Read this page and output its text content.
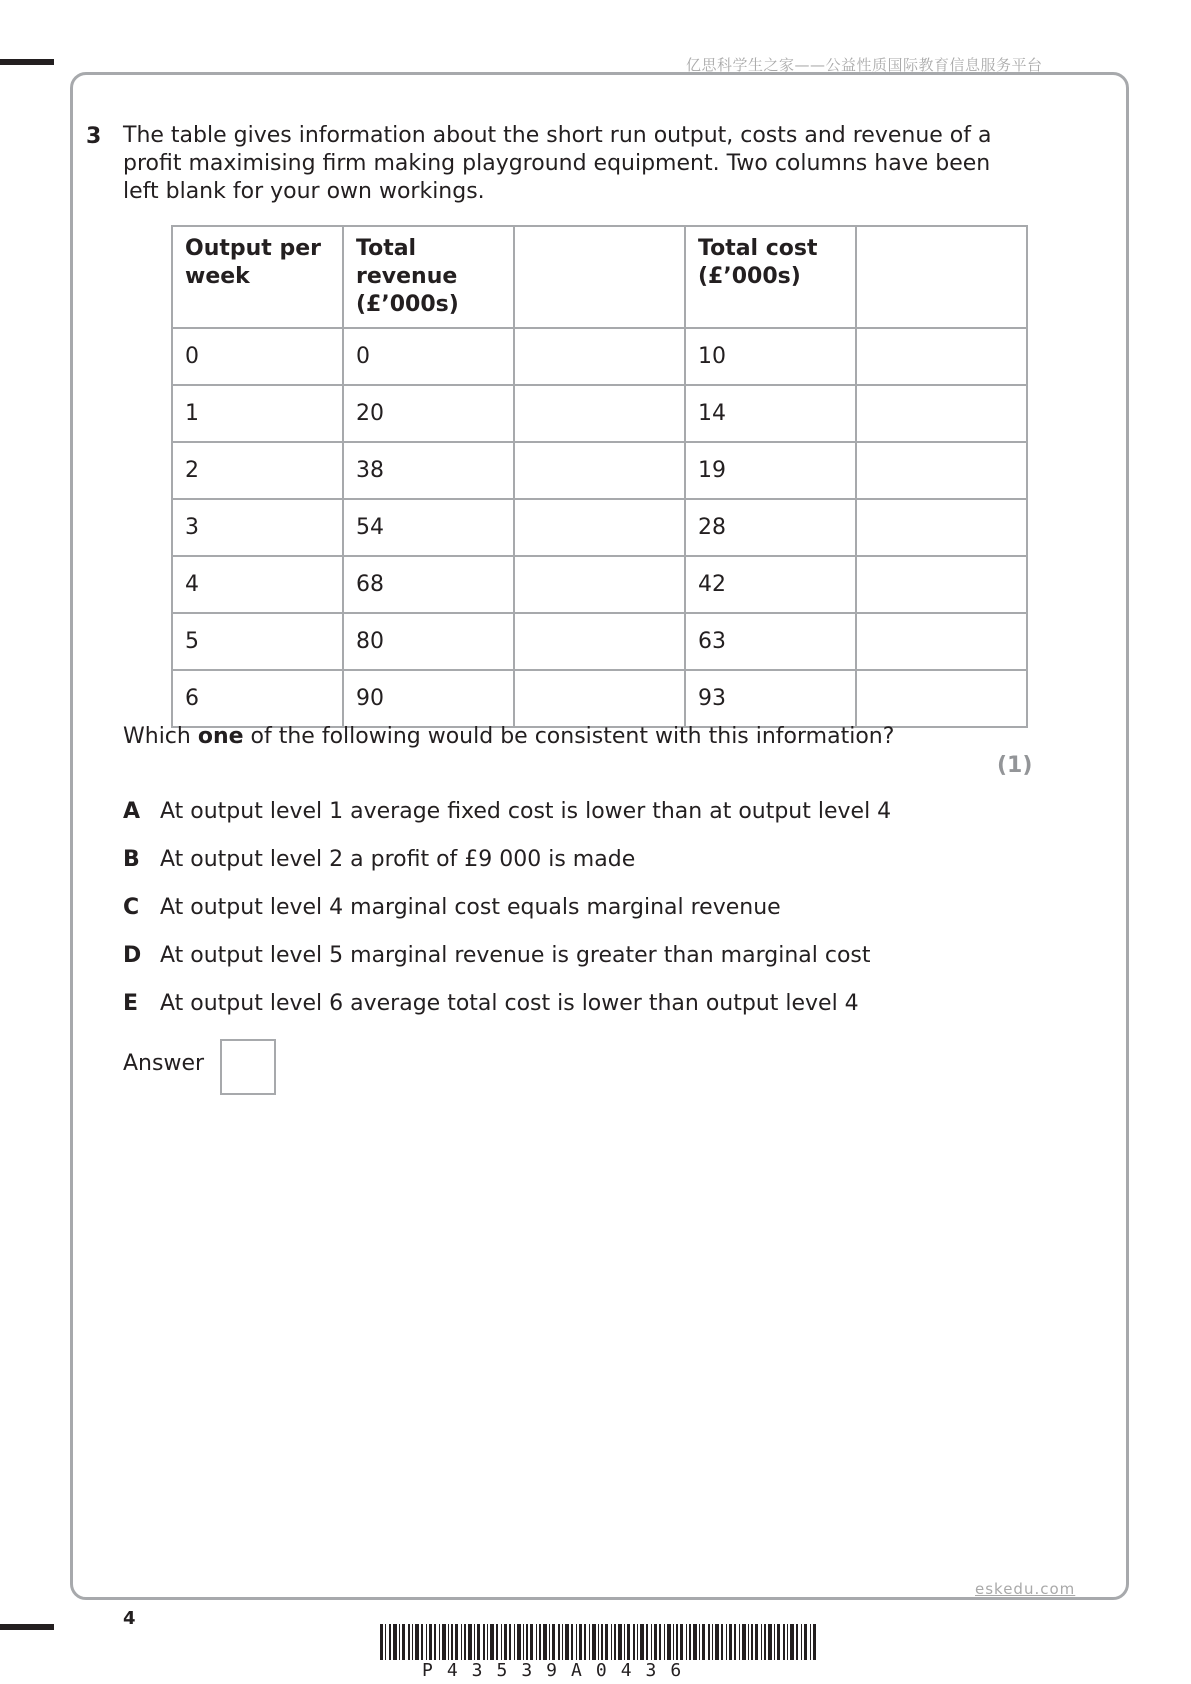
亿思科学生之家——公益性质国际教育信息服务平台
3 The table gives information about the short run output, costs and revenue of a profit maximising firm making playground equipment. Two columns have been left blank for your own workings.
Output per week	Total revenue (£’000s)		Total cost (£’000s)	
0	0		10	
1	20		14	
2	38		19	
3	54		28	
4	68		42	
5	80		63	
6	90		93	
Which one of the following would be consistent with this information?
(1)
A At output level 1 average fixed cost is lower than at output level 4
B At output level 2 a profit of £9 000 is made
C At output level 4 marginal cost equals marginal revenue
D At output level 5 marginal revenue is greater than marginal cost
E At output level 6 average total cost is lower than output level 4
Answer
eskedu.com
4
P43539A0436
